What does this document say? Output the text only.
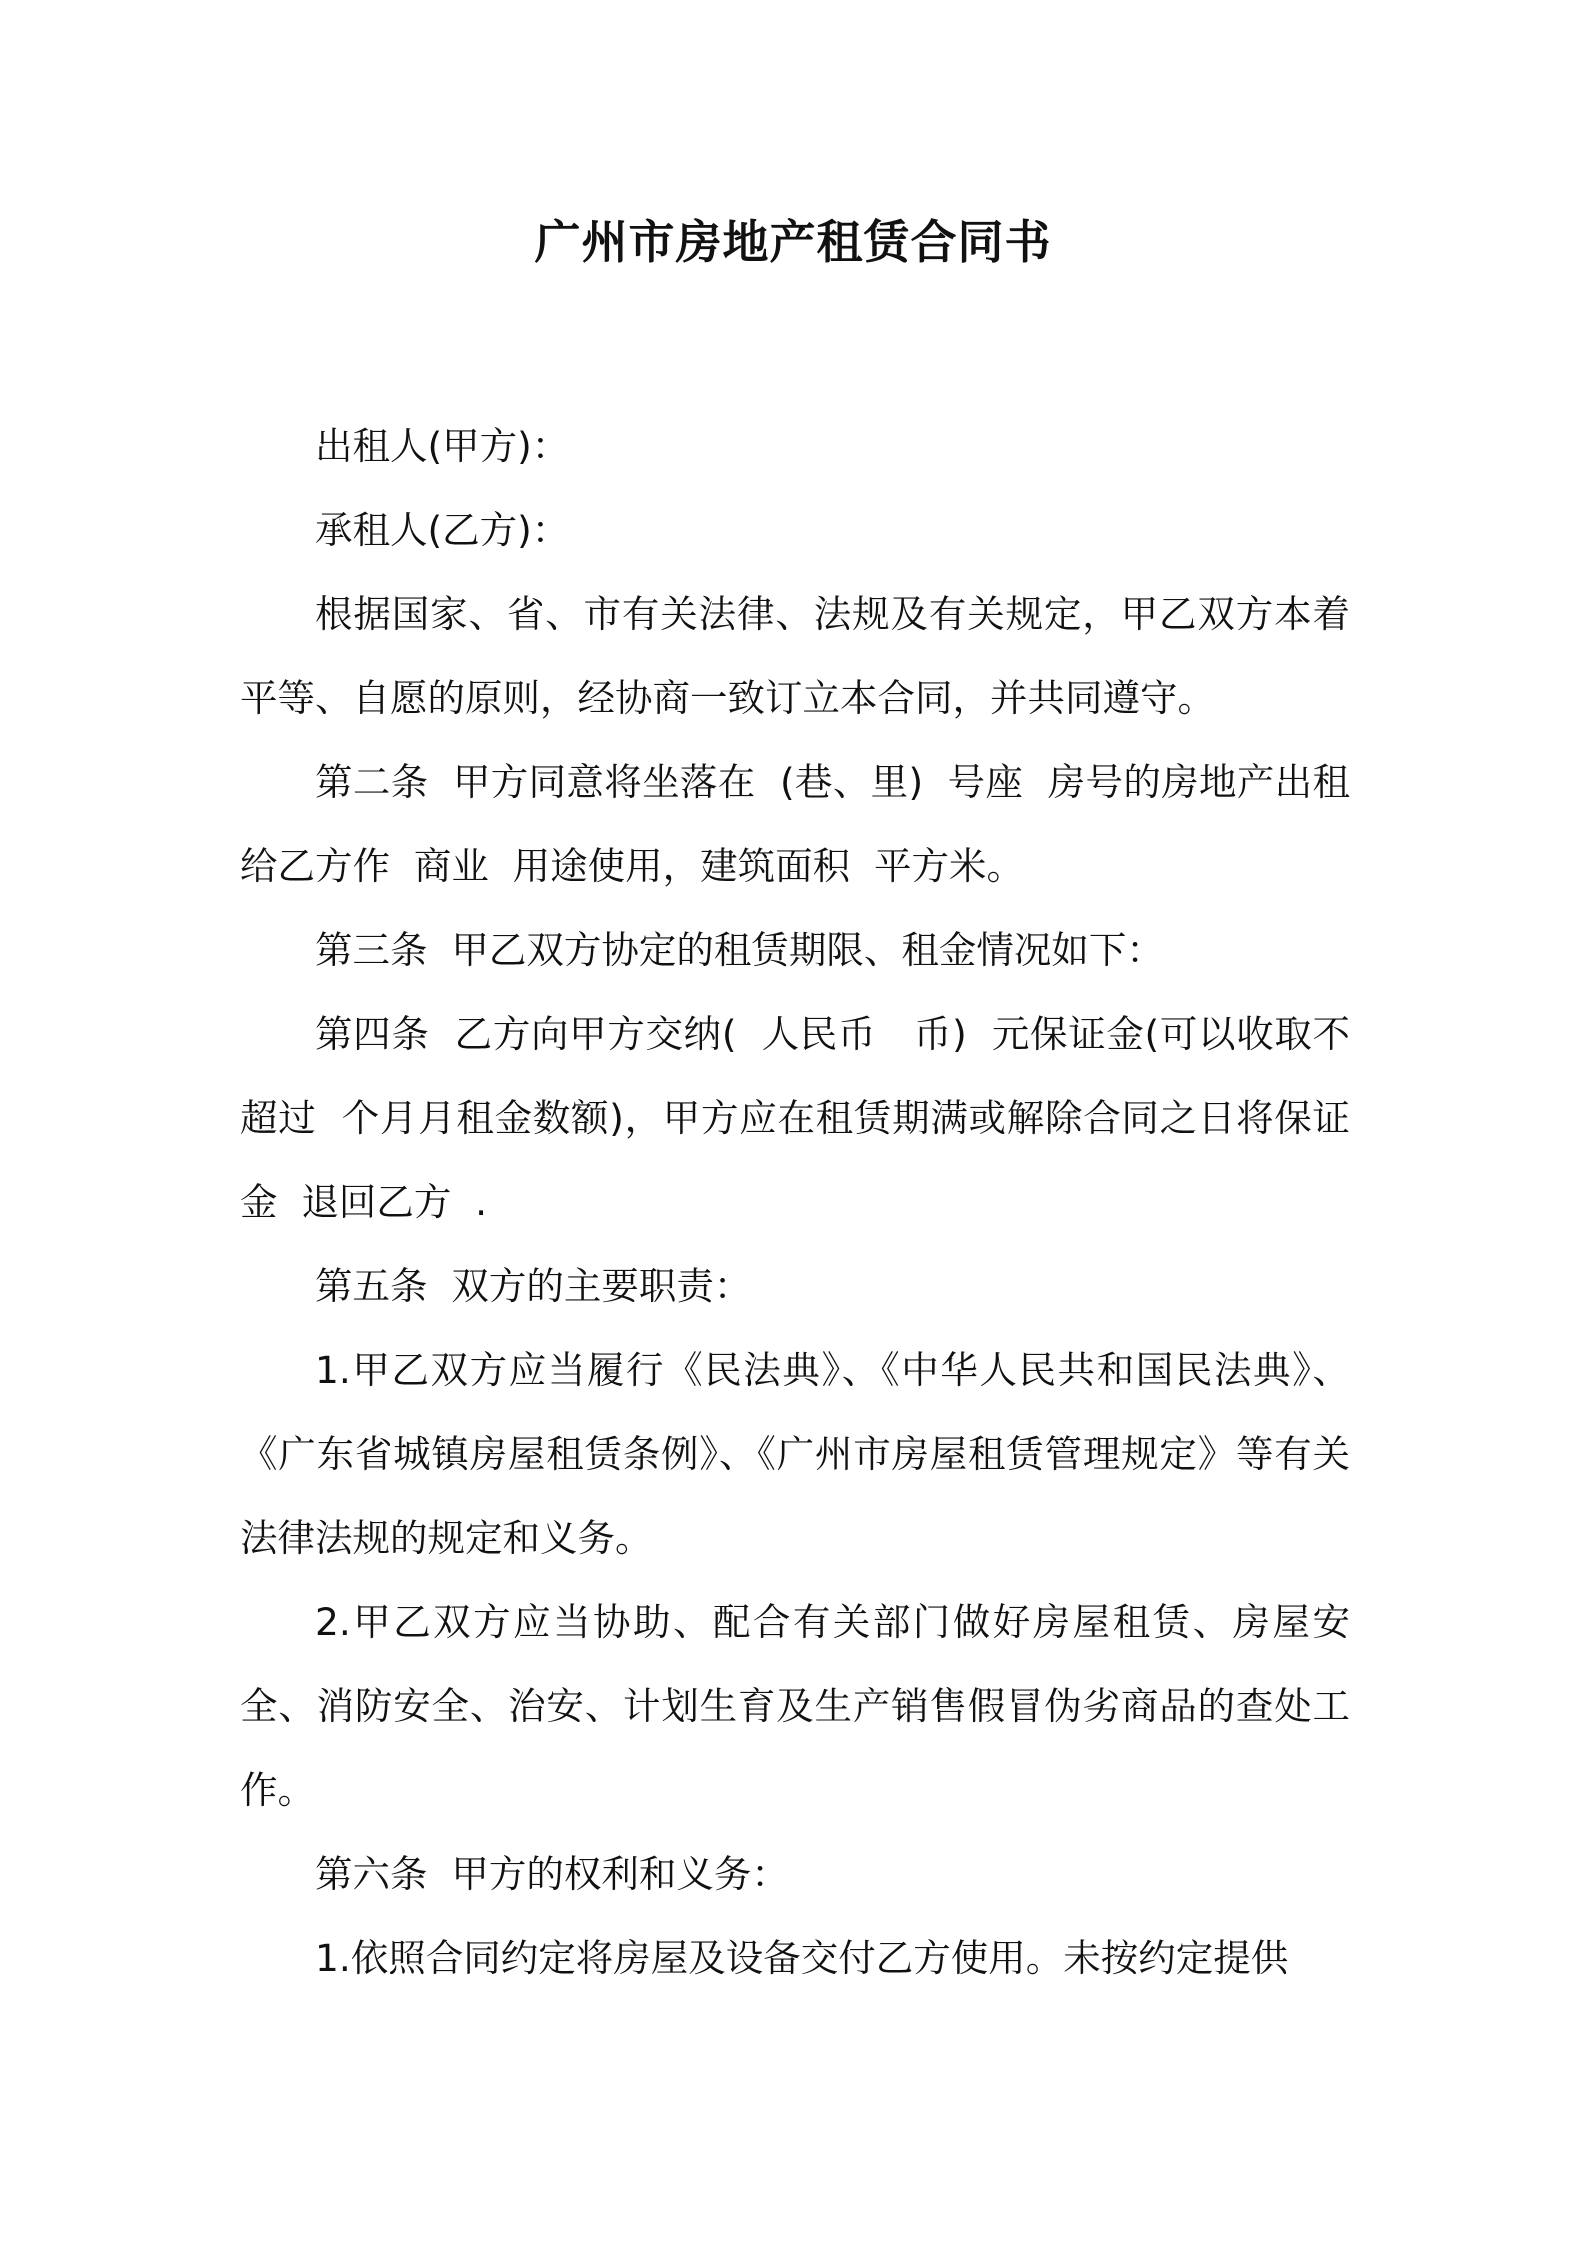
广州市房地产租赁合同书

出租人(甲方)：

承租人(乙方)：

根据国家、省、市有关法律、法规及有关规定，甲乙双方本着平等、自愿的原则，经协商一致订立本合同，并共同遵守。

第二条  甲方同意将坐落在  (巷、里)  号座  房号的房地产出租给乙方作  商业  用途使用，建筑面积  平方米。

第三条  甲乙双方协定的租赁期限、租金情况如下：

第四条  乙方向甲方交纳(  人民币   币)  元保证金(可以收取不超过  个月月租金数额)，甲方应在租赁期满或解除合同之日将保证金  退回乙方  .

第五条  双方的主要职责：

1.甲乙双方应当履行《民法典》、《中华人民共和国民法典》、《广东省城镇房屋租赁条例》、《广州市房屋租赁管理规定》等有关法律法规的规定和义务。

2.甲乙双方应当协助、配合有关部门做好房屋租赁、房屋安全、消防安全、治安、计划生育及生产销售假冒伪劣商品的查处工作。

第六条  甲方的权利和义务：

1.依照合同约定将房屋及设备交付乙方使用。未按约定提供
